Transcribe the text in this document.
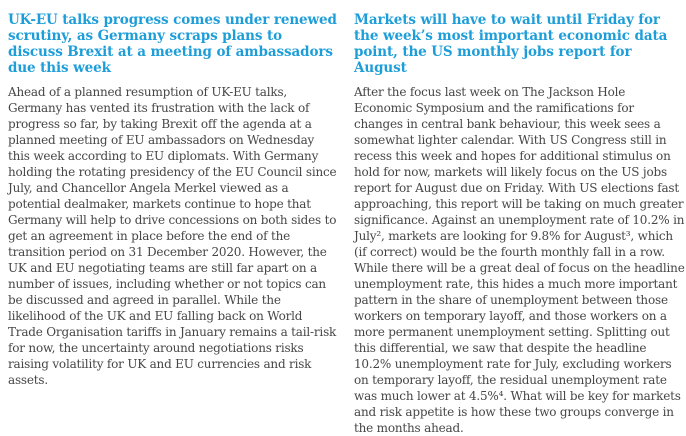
UK-EU talks progress comes under renewed scrutiny, as Germany scraps plans to discuss Brexit at a meeting of ambassadors due this week

Ahead of a planned resumption of UK-EU talks, Germany has vented its frustration with the lack of progress so far, by taking Brexit off the agenda at a planned meeting of EU ambassadors on Wednesday this week according to EU diplomats. With Germany holding the rotating presidency of the EU Council since July, and Chancellor Angela Merkel viewed as a potential dealmaker, markets continue to hope that Germany will help to drive concessions on both sides to get an agreement in place before the end of the transition period on 31 December 2020. However, the UK and EU negotiating teams are still far apart on a number of issues, including whether or not topics can be discussed and agreed in parallel. While the likelihood of the UK and EU falling back on World Trade Organisation tariffs in January remains a tail-risk for now, the uncertainty around negotiations risks raising volatility for UK and EU currencies and risk assets.

Markets will have to wait until Friday for the week’s most important economic data point, the US monthly jobs report for August

After the focus last week on The Jackson Hole Economic Symposium and the ramifications for changes in central bank behaviour, this week sees a somewhat lighter calendar. With US Congress still in recess this week and hopes for additional stimulus on hold for now, markets will likely focus on the US jobs report for August due on Friday. With US elections fast approaching, this report will be taking on much greater significance. Against an unemployment rate of 10.2% in July², markets are looking for 9.8% for August³, which (if correct) would be the fourth monthly fall in a row. While there will be a great deal of focus on the headline unemployment rate, this hides a much more important pattern in the share of unemployment between those workers on temporary layoff, and those workers on a more permanent unemployment setting. Splitting out this differential, we saw that despite the headline 10.2% unemployment rate for July, excluding workers on temporary layoff, the residual unemployment rate was much lower at 4.5%⁴. What will be key for markets and risk appetite is how these two groups converge in the months ahead.
